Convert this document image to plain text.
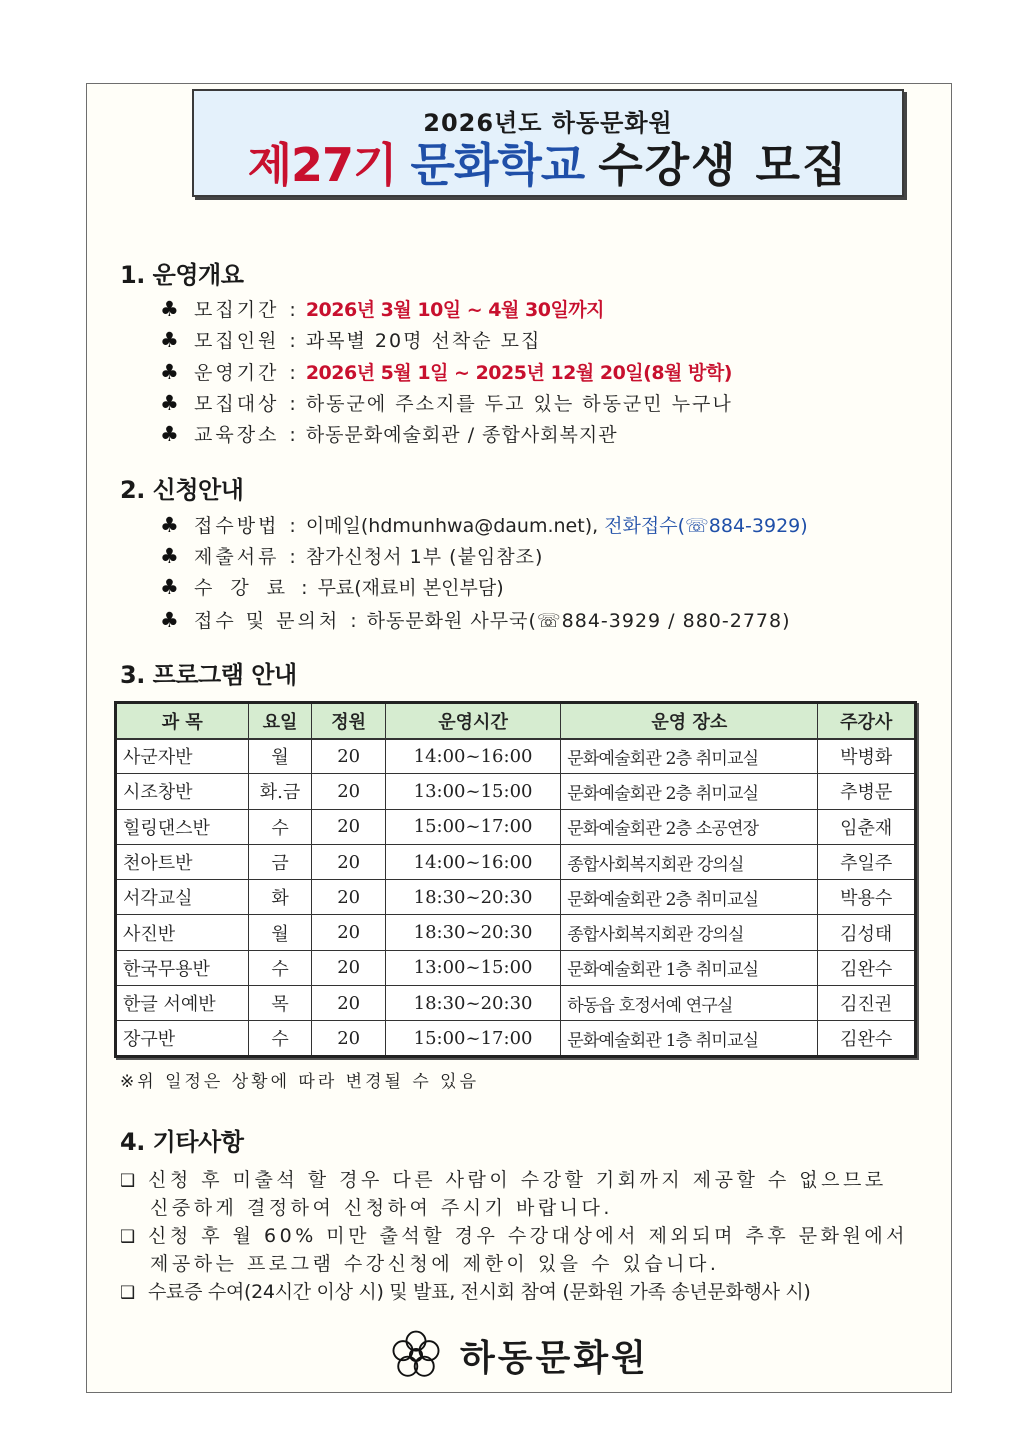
2026년도 하동문화원
제27기 문화학교 수강생 모집
1. 운영개요
♣ 모집기간 : 2026년 3월 10일 ~ 4월 30일까지
♣ 모집인원 : 과목별 20명 선착순 모집
♣ 운영기간 : 2026년 5월 1일 ~ 2025년 12월 20일(8월 방학)
♣ 모집대상 : 하동군에 주소지를 두고 있는 하동군민 누구나
♣ 교육장소 : 하동문화예술회관 / 종합사회복지관
2. 신청안내
♣ 접수방법 : 이메일(hdmunhwa@daum.net), 전화접수(☏884-3929)
♣ 제출서류 : 참가신청서 1부 (붙임참조)
♣ 수 강 료 : 무료(재료비 본인부담)
♣ 접수 및 문의처 : 하동문화원 사무국(☏884-3929 / 880-2778)
3. 프로그램 안내
과 목	요일	정원	운영시간	운영 장소	주강사
사군자반	월	20	14:00~16:00	문화예술회관 2층 취미교실	박병화
시조창반	화.금	20	13:00~15:00	문화예술회관 2층 취미교실	추병문
힐링댄스반	수	20	15:00~17:00	문화예술회관 2층 소공연장	임춘재
천아트반	금	20	14:00~16:00	종합사회복지회관 강의실	추일주
서각교실	화	20	18:30~20:30	문화예술회관 2층 취미교실	박용수
사진반	월	20	18:30~20:30	종합사회복지회관 강의실	김성태
한국무용반	수	20	13:00~15:00	문화예술회관 1층 취미교실	김완수
한글 서예반	목	20	18:30~20:30	하동읍 호정서예 연구실	김진권
장구반	수	20	15:00~17:00	문화예술회관 1층 취미교실	김완수
※위 일정은 상황에 따라 변경될 수 있음
4. 기타사항
❑ 신청 후 미출석 할 경우 다른 사람이 수강할 기회까지 제공할 수 없으므로
신중하게 결정하여 신청하여 주시기 바랍니다.
❑ 신청 후 월 60% 미만 출석할 경우 수강대상에서 제외되며 추후 문화원에서
제공하는 프로그램 수강신청에 제한이 있을 수 있습니다.
❑ 수료증 수여(24시간 이상 시) 및 발표, 전시회 참여 (문화원 가족 송년문화행사 시)
하동문화원
